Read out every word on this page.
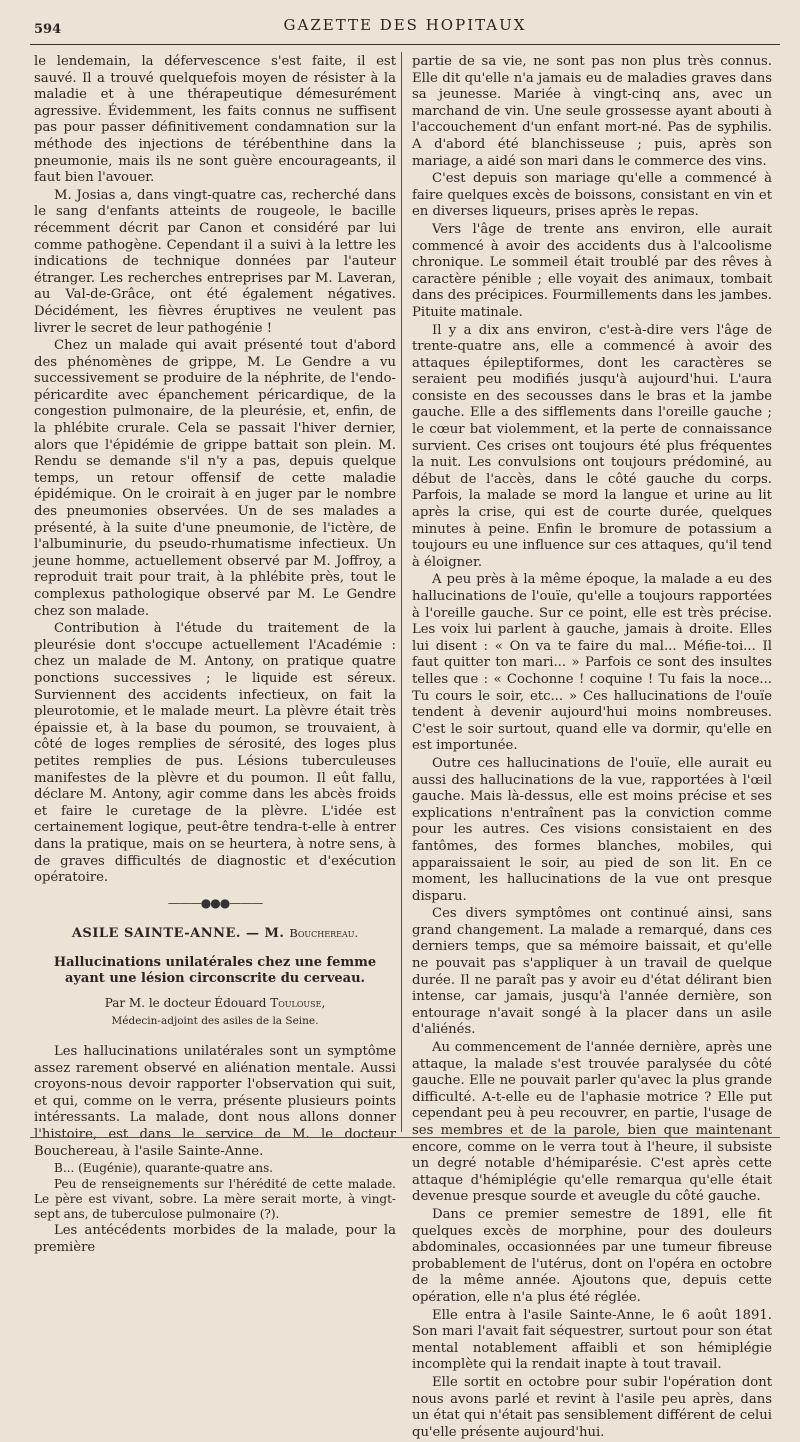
594	GAZETTE DES HOPITAUX

le lendemain, la défervescence s'est faite, il est sauvé. Il a trouvé quelquefois moyen de résister à la maladie et à une thérapeutique démesurément agressive. Évidemment, les faits connus ne suffisent pas pour passer définitivement condamnation sur la méthode des injections de térébenthine dans la pneumonie, mais ils ne sont guère encourageants, il faut bien l'avouer.

M. Josias a, dans vingt-quatre cas, recherché dans le sang d'enfants atteints de rougeole, le bacille récemment décrit par Canon et considéré par lui comme pathogène. Cependant il a suivi à la lettre les indications de technique données par l'auteur étranger. Les recherches entreprises par M. Laveran, au Val-de-Grâce, ont été également négatives. Décidément, les fièvres éruptives ne veulent pas livrer le secret de leur pathogénie !

Chez un malade qui avait présenté tout d'abord des phénomènes de grippe, M. Le Gendre a vu successivement se produire de la néphrite, de l'endo-péricardite avec épanchement péricardique, de la congestion pulmonaire, de la pleurésie, et, enfin, de la phlébite crurale. Cela se passait l'hiver dernier, alors que l'épidémie de grippe battait son plein. M. Rendu se demande s'il n'y a pas, depuis quelque temps, un retour offensif de cette maladie épidémique. On le croirait à en juger par le nombre des pneumonies observées. Un de ses malades a présenté, à la suite d'une pneumonie, de l'ictère, de l'albuminurie, du pseudo-rhumatisme infectieux. Un jeune homme, actuellement observé par M. Joffroy, a reproduit trait pour trait, à la phlébite près, tout le complexus pathologique observé par M. Le Gendre chez son malade.

Contribution à l'étude du traitement de la pleurésie dont s'occupe actuellement l'Académie : chez un malade de M. Antony, on pratique quatre ponctions successives ; le liquide est séreux. Surviennent des accidents infectieux, on fait la pleurotomie, et le malade meurt. La plèvre était très épaissie et, à la base du poumon, se trouvaient, à côté de loges remplies de sérosité, des loges plus petites remplies de pus. Lésions tuberculeuses manifestes de la plèvre et du poumon. Il eût fallu, déclare M. Antony, agir comme dans les abcès froids et faire le curetage de la plèvre. L'idée est certainement logique, peut-être tendra-t-elle à entrer dans la pratique, mais on se heurtera, à notre sens, à de graves difficultés de diagnostic et d'exécution opératoire.

———●●●———
ASILE SAINTE-ANNE. — M. Bouchereau.
Hallucinations unilatérales chez une femme ayant une lésion circonscrite du cerveau.
Par M. le docteur Édouard Toulouse,
Médecin-adjoint des asiles de la Seine.

Les hallucinations unilatérales sont un symptôme assez rarement observé en aliénation mentale. Aussi croyons-nous devoir rapporter l'observation qui suit, et qui, comme on le verra, présente plusieurs points intéressants. La malade, dont nous allons donner l'histoire, est dans le service de M. le docteur Bouchereau, à l'asile Sainte-Anne.

B... (Eugénie), quarante-quatre ans.

Peu de renseignements sur l'hérédité de cette malade. Le père est vivant, sobre. La mère serait morte, à vingt-sept ans, de tuberculose pulmonaire (?).

Les antécédents morbides de la malade, pour la première

partie de sa vie, ne sont pas non plus très connus. Elle dit qu'elle n'a jamais eu de maladies graves dans sa jeunesse. Mariée à vingt-cinq ans, avec un marchand de vin. Une seule grossesse ayant abouti à l'accouchement d'un enfant mort-né. Pas de syphilis. A d'abord été blanchisseuse ; puis, après son mariage, a aidé son mari dans le commerce des vins.

C'est depuis son mariage qu'elle a commencé à faire quelques excès de boissons, consistant en vin et en diverses liqueurs, prises après le repas.

Vers l'âge de trente ans environ, elle aurait commencé à avoir des accidents dus à l'alcoolisme chronique. Le sommeil était troublé par des rêves à caractère pénible ; elle voyait des animaux, tombait dans des précipices. Fourmillements dans les jambes. Pituite matinale.

Il y a dix ans environ, c'est-à-dire vers l'âge de trente-quatre ans, elle a commencé à avoir des attaques épileptiformes, dont les caractères se seraient peu modifiés jusqu'à aujourd'hui. L'aura consiste en des secousses dans le bras et la jambe gauche. Elle a des sifflements dans l'oreille gauche ; le cœur bat violemment, et la perte de connaissance survient. Ces crises ont toujours été plus fréquentes la nuit. Les convulsions ont toujours prédominé, au début de l'accès, dans le côté gauche du corps. Parfois, la malade se mord la langue et urine au lit après la crise, qui est de courte durée, quelques minutes à peine. Enfin le bromure de potassium a toujours eu une influence sur ces attaques, qu'il tend à éloigner.

A peu près à la même époque, la malade a eu des hallucinations de l'ouïe, qu'elle a toujours rapportées à l'oreille gauche. Sur ce point, elle est très précise. Les voix lui parlent à gauche, jamais à droite. Elles lui disent : « On va te faire du mal... Méfie-toi... Il faut quitter ton mari... » Parfois ce sont des insultes telles que : « Cochonne ! coquine ! Tu fais la noce... Tu cours le soir, etc... » Ces hallucinations de l'ouïe tendent à devenir aujourd'hui moins nombreuses. C'est le soir surtout, quand elle va dormir, qu'elle en est importunée.

Outre ces hallucinations de l'ouïe, elle aurait eu aussi des hallucinations de la vue, rapportées à l'œil gauche. Mais là-dessus, elle est moins précise et ses explications n'entraînent pas la conviction comme pour les autres. Ces visions consistaient en des fantômes, des formes blanches, mobiles, qui apparaissaient le soir, au pied de son lit. En ce moment, les hallucinations de la vue ont presque disparu.

Ces divers symptômes ont continué ainsi, sans grand changement. La malade a remarqué, dans ces derniers temps, que sa mémoire baissait, et qu'elle ne pouvait pas s'appliquer à un travail de quelque durée. Il ne paraît pas y avoir eu d'état délirant bien intense, car jamais, jusqu'à l'année dernière, son entourage n'avait songé à la placer dans un asile d'aliénés.

Au commencement de l'année dernière, après une attaque, la malade s'est trouvée paralysée du côté gauche. Elle ne pouvait parler qu'avec la plus grande difficulté. A-t-elle eu de l'aphasie motrice ? Elle put cependant peu à peu recouvrer, en partie, l'usage de ses membres et de la parole, bien que maintenant encore, comme on le verra tout à l'heure, il subsiste un degré notable d'hémiparésie. C'est après cette attaque d'hémiplégie qu'elle remarqua qu'elle était devenue presque sourde et aveugle du côté gauche.

Dans ce premier semestre de 1891, elle fit quelques excès de morphine, pour des douleurs abdominales, occasionnées par une tumeur fibreuse probablement de l'utérus, dont on l'opéra en octobre de la même année. Ajoutons que, depuis cette opération, elle n'a plus été réglée.

Elle entra à l'asile Sainte-Anne, le 6 août 1891. Son mari l'avait fait séquestrer, surtout pour son état mental notablement affaibli et son hémiplégie incomplète qui la rendait inapte à tout travail.

Elle sortit en octobre pour subir l'opération dont nous avons parlé et revint à l'asile peu après, dans un état qui n'était pas sensiblement différent de celui qu'elle présente aujourd'hui.
